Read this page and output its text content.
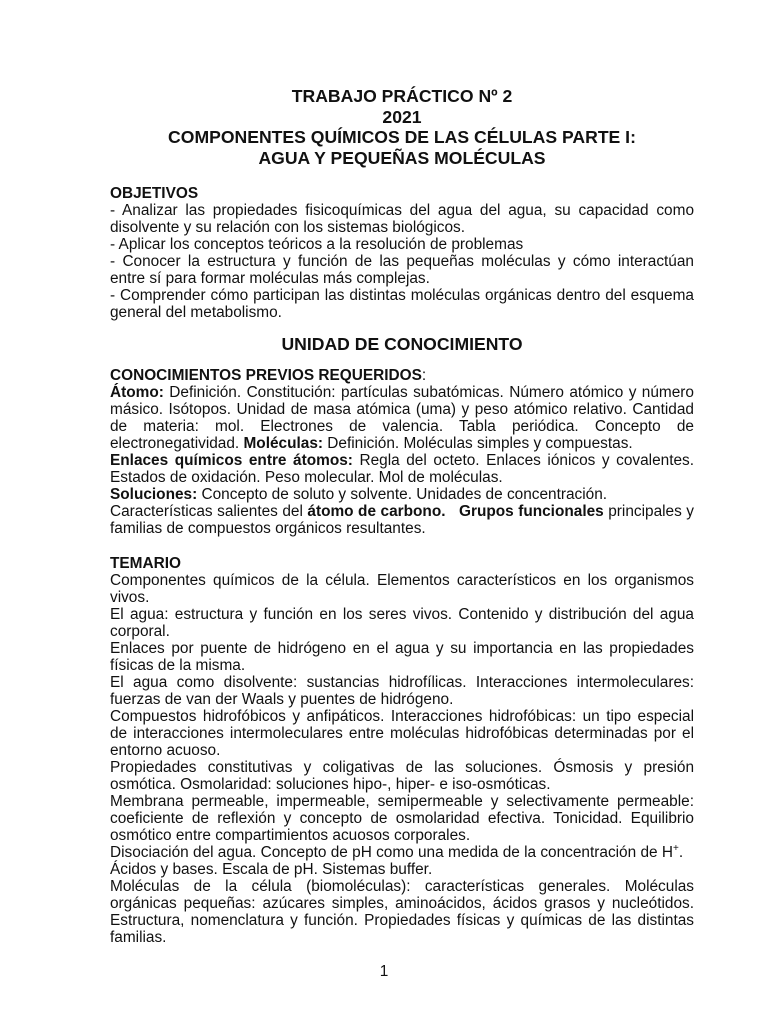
TRABAJO PRÁCTICO Nº 2
2021
COMPONENTES QUÍMICOS DE LAS CÉLULAS PARTE I:
AGUA Y PEQUEÑAS MOLÉCULAS
OBJETIVOS

- Analizar las propiedades fisicoquímicas del agua del agua, su capacidad como disolvente y su relación con los sistemas biológicos.

- Aplicar los conceptos teóricos a la resolución de problemas

- Conocer la estructura y función de las pequeñas moléculas y cómo interactúan entre sí para formar moléculas más complejas.

- Comprender cómo participan las distintas moléculas orgánicas dentro del esquema general del metabolismo.

UNIDAD DE CONOCIMIENTO
CONOCIMIENTOS PREVIOS REQUERIDOS:

Átomo: Definición. Constitución: partículas subatómicas. Número atómico y número másico. Isótopos. Unidad de masa atómica (uma) y peso atómico relativo. Cantidad de materia: mol. Electrones de valencia. Tabla periódica. Concepto de electronegatividad. Moléculas: Definición. Moléculas simples y compuestas.

Enlaces químicos entre átomos: Regla del octeto. Enlaces iónicos y covalentes. Estados de oxidación. Peso molecular. Mol de moléculas.

Soluciones: Concepto de soluto y solvente. Unidades de concentración.

Características salientes del átomo de carbono. Grupos funcionales principales y familias de compuestos orgánicos resultantes.

TEMARIO

Componentes químicos de la célula. Elementos característicos en los organismos vivos.

El agua: estructura y función en los seres vivos. Contenido y distribución del agua corporal.

Enlaces por puente de hidrógeno en el agua y su importancia en las propiedades físicas de la misma.

El agua como disolvente: sustancias hidrofílicas. Interacciones intermoleculares: fuerzas de van der Waals y puentes de hidrógeno.

Compuestos hidrofóbicos y anfipáticos. Interacciones hidrofóbicas: un tipo especial de interacciones intermoleculares entre moléculas hidrofóbicas determinadas por el entorno acuoso.

Propiedades constitutivas y coligativas de las soluciones. Ósmosis y presión osmótica. Osmolaridad: soluciones hipo-, hiper- e iso-osmóticas.

Membrana permeable, impermeable, semipermeable y selectivamente permeable: coeficiente de reflexión y concepto de osmolaridad efectiva. Tonicidad. Equilibrio osmótico entre compartimientos acuosos corporales.

Disociación del agua. Concepto de pH como una medida de la concentración de H+.

Ácidos y bases. Escala de pH. Sistemas buffer.

Moléculas de la célula (biomoléculas): características generales. Moléculas orgánicas pequeñas: azúcares simples, aminoácidos, ácidos grasos y nucleótidos. Estructura, nomenclatura y función. Propiedades físicas y químicas de las distintas familias.

1
